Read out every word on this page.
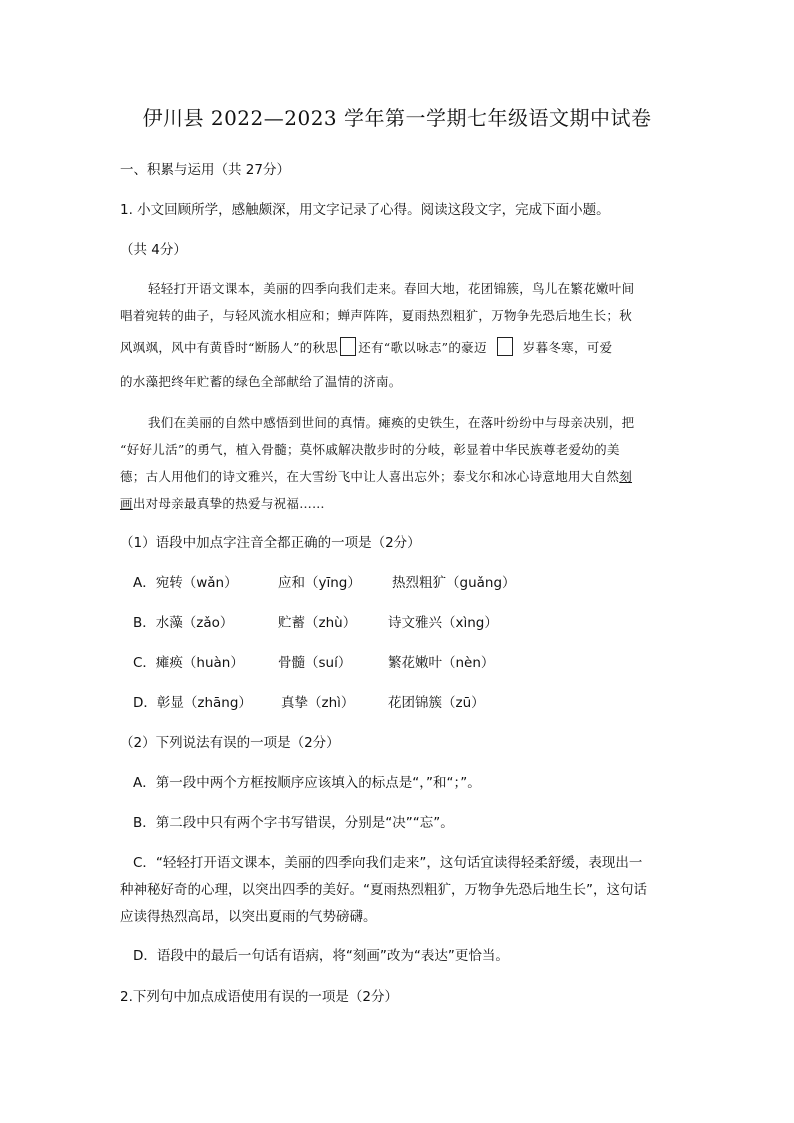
伊川县 2022—2023 学年第一学期七年级语文期中试卷
一、积累与运用（共 27分）
1. 小文回顾所学，感触颇深，用文字记录了心得。阅读这段文字，完成下面小题。
（共 4分）
轻轻打开语文课本，美丽的四季向我们走来。春回大地，花团锦簇，鸟儿在繁花嫩叶间
唱着宛转的曲子，与轻风流水相应和；蝉声阵阵，夏雨热烈粗犷，万物争先恐后地生长；秋
风飒飒，风中有黄昏时“断肠人”的秋思 还有“歌以咏志”的豪迈	岁暮冬寒，可爱
的水藻把终年贮蓄的绿色全部献给了温情的济南。
我们在美丽的自然中感悟到世间的真情。瘫痪的史铁生，在落叶纷纷中与母亲决别，把
“好好儿活”的勇气，植入骨髓；莫怀戚解决散步时的分岐，彰显着中华民族尊老爱幼的美
德；古人用他们的诗文雅兴，在大雪纷飞中让人喜出忘外；泰戈尔和冰心诗意地用大自然刻
画出对母亲最真挚的热爱与祝福……
（1）语段中加点字注音全都正确的一项是（2分）
A．宛转（wǎn）	应和（yīng） 热烈粗犷（guǎng）
B．水藻（zǎo）	贮蓄（zhù） 诗文雅兴（xìng）
C．瘫痪（huàn）	骨髓（suí）	繁花嫩叶（nèn）
D．彰显（zhāng） 真挚（zhì） 花团锦簇（zū）
（2）下列说法有误的一项是（2分）
A．第一段中两个方框按顺序应该填入的标点是“，”和“；”。
B．第二段中只有两个字书写错误，分别是“决”“忘”。
C．“轻轻打开语文课本，美丽的四季向我们走来”，这句话宜读得轻柔舒缓，表现出一
种神秘好奇的心理，以突出四季的美好。“夏雨热烈粗犷，万物争先恐后地生长”，这句话
应读得热烈高昂，以突出夏雨的气势磅礴。
D．语段中的最后一句话有语病，将“刻画”改为“表达”更恰当。
2.下列句中加点成语使用有误的一项是（2分）
